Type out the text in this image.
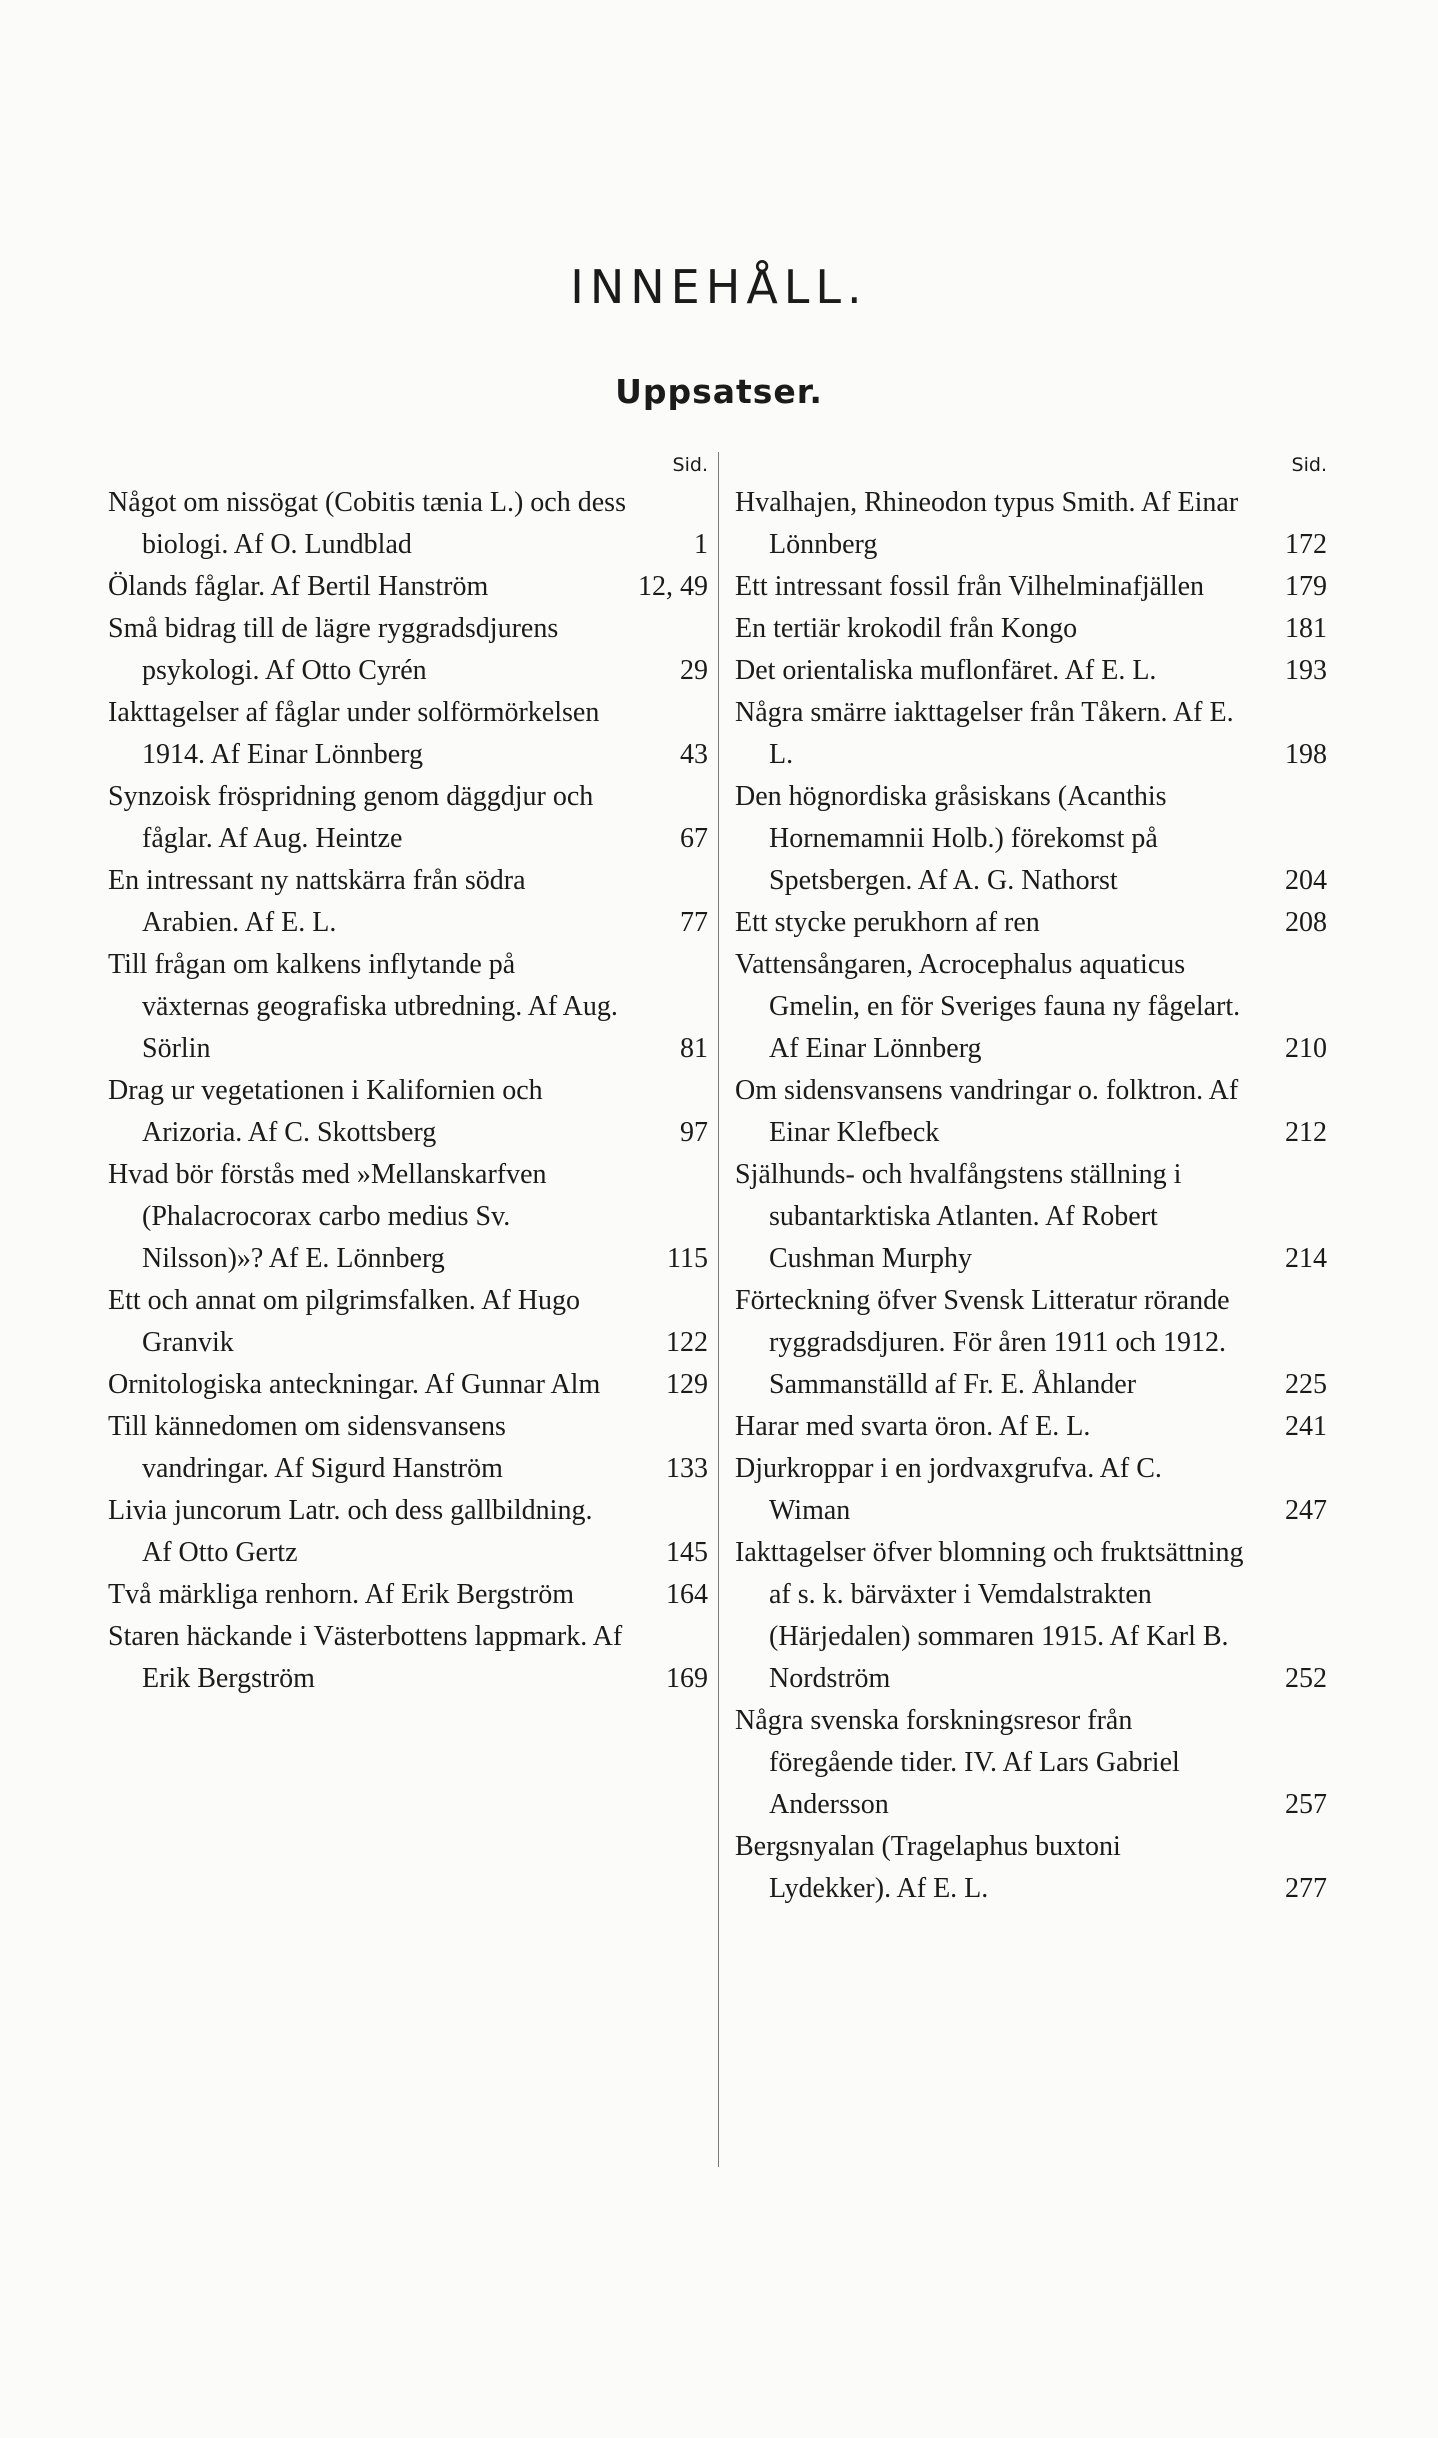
INNEHÅLL.
Uppsatser.
Sid.
Något om nissögat (Cobitis tænia L.) och dess biologi. Af O. Lundblad	1
Ölands fåglar. Af Bertil Hanström	12, 49
Små bidrag till de lägre ryggradsdjurens psykologi. Af Otto Cyrén	29
Iakttagelser af fåglar under solförmörkelsen 1914. Af Einar Lönnberg	43
Synzoisk fröspridning genom däggdjur och fåglar. Af Aug. Heintze	67
En intressant ny nattskärra från södra Arabien. Af E. L.	77
Till frågan om kalkens inflytande på växternas geografiska utbredning. Af Aug. Sörlin	81
Drag ur vegetationen i Kalifornien och Arizoria. Af C. Skottsberg	97
Hvad bör förstås med »Mellanskarfven (Phalacrocorax carbo medius Sv. Nilsson)»? Af E. Lönnberg	115
Ett och annat om pilgrimsfalken. Af Hugo Granvik	122
Ornitologiska anteckningar. Af Gunnar Alm	129
Till kännedomen om sidensvansens vandringar. Af Sigurd Hanström	133
Livia juncorum Latr. och dess gallbildning. Af Otto Gertz	145
Två märkliga renhorn. Af Erik Bergström	164
Staren häckande i Västerbottens lappmark. Af Erik Bergström	169
Sid.
Hvalhajen, Rhineodon typus Smith. Af Einar Lönnberg	172
Ett intressant fossil från Vilhelminafjällen	179
En tertiär krokodil från Kongo	181
Det orientaliska muflonfäret. Af E. L.	193
Några smärre iakttagelser från Tåkern. Af E. L.	198
Den högnordiska gråsiskans (Acanthis Hornemamnii Holb.) förekomst på Spetsbergen. Af A. G. Nathorst	204
Ett stycke perukhorn af ren	208
Vattensångaren, Acrocephalus aquaticus Gmelin, en för Sveriges fauna ny fågelart. Af Einar Lönnberg	210
Om sidensvansens vandringar o. folktron. Af Einar Klefbeck	212
Själhunds- och hvalfångstens ställning i subantarktiska Atlanten. Af Robert Cushman Murphy	214
Förteckning öfver Svensk Litteratur rörande ryggradsdjuren. För åren 1911 och 1912. Sammanställd af Fr. E. Åhlander	225
Harar med svarta öron. Af E. L.	241
Djurkroppar i en jordvaxgrufva. Af C. Wiman	247
Iakttagelser öfver blomning och fruktsättning af s. k. bärväxter i Vemdalstrakten (Härjedalen) sommaren 1915. Af Karl B. Nordström	252
Några svenska forskningsresor från föregående tider. IV. Af Lars Gabriel Andersson	257
Bergsnyalan (Tragelaphus buxtoni Lydekker). Af E. L.	277
